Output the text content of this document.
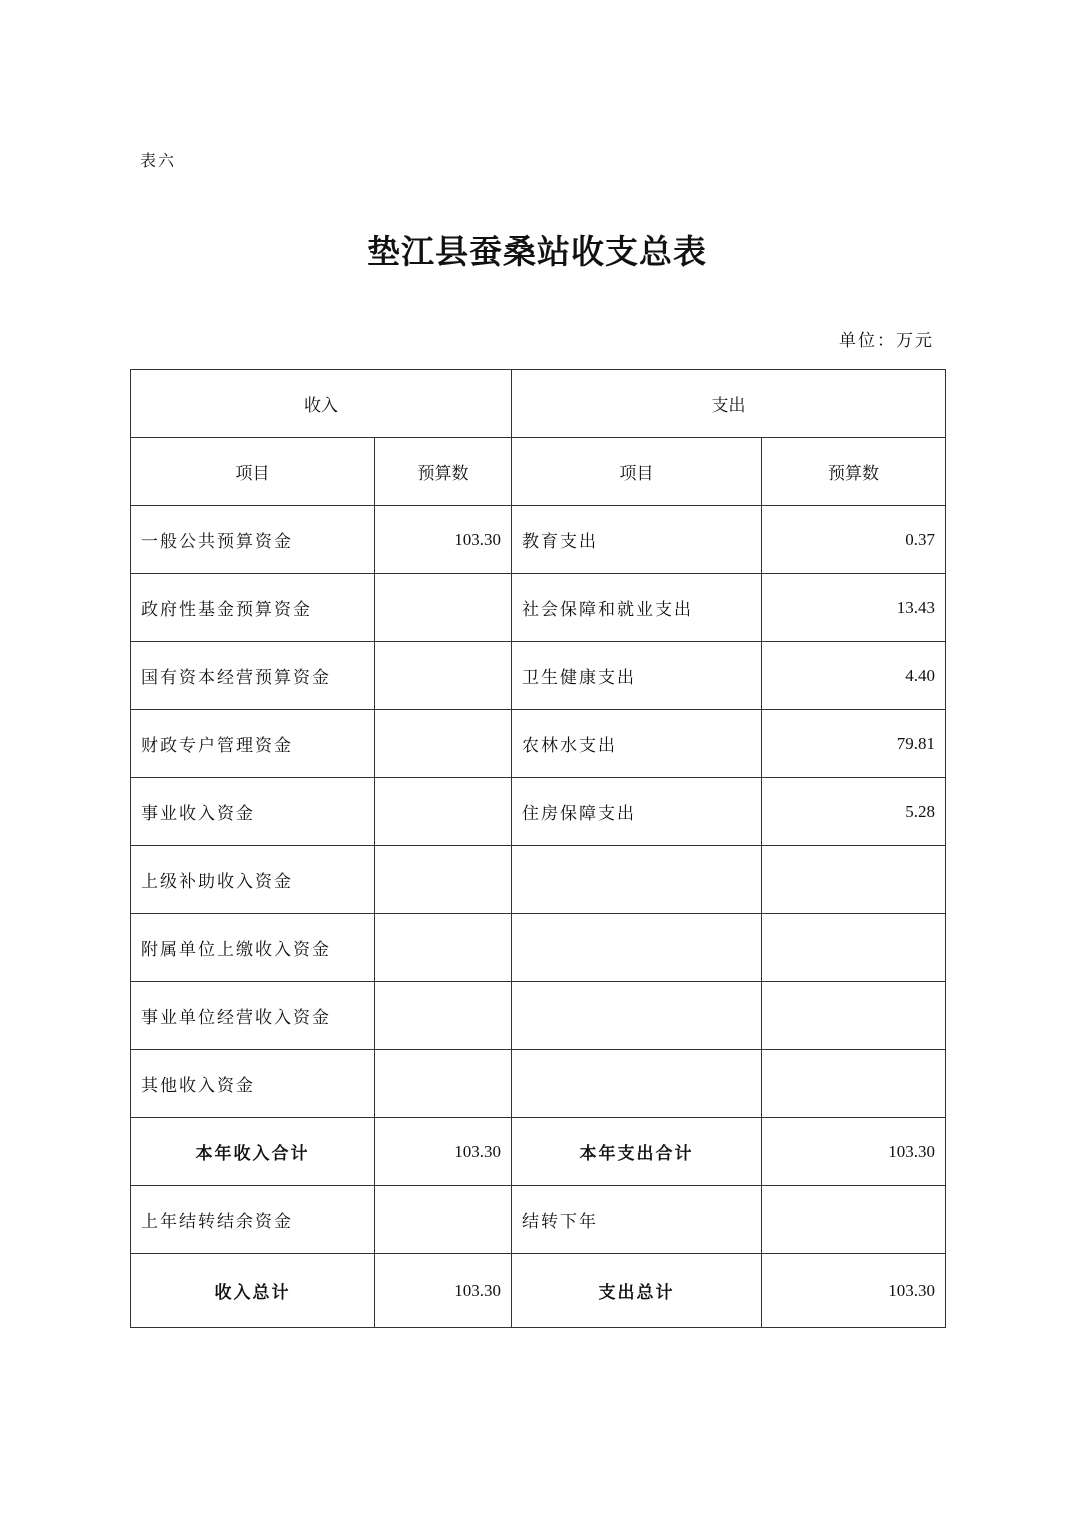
表六
垫江县蚕桑站收支总表
单位：万元
收入		支出	
项目	预算数	项目	预算数
一般公共预算资金	103.30	教育支出	0.37
政府性基金预算资金		社会保障和就业支出	13.43
国有资本经营预算资金		卫生健康支出	4.40
财政专户管理资金		农林水支出	79.81
事业收入资金		住房保障支出	5.28
上级补助收入资金			
附属单位上缴收入资金			
事业单位经营收入资金			
其他收入资金			
本年收入合计	103.30	本年支出合计	103.30
上年结转结余资金		结转下年	
收入总计	103.30	支出总计	103.30
